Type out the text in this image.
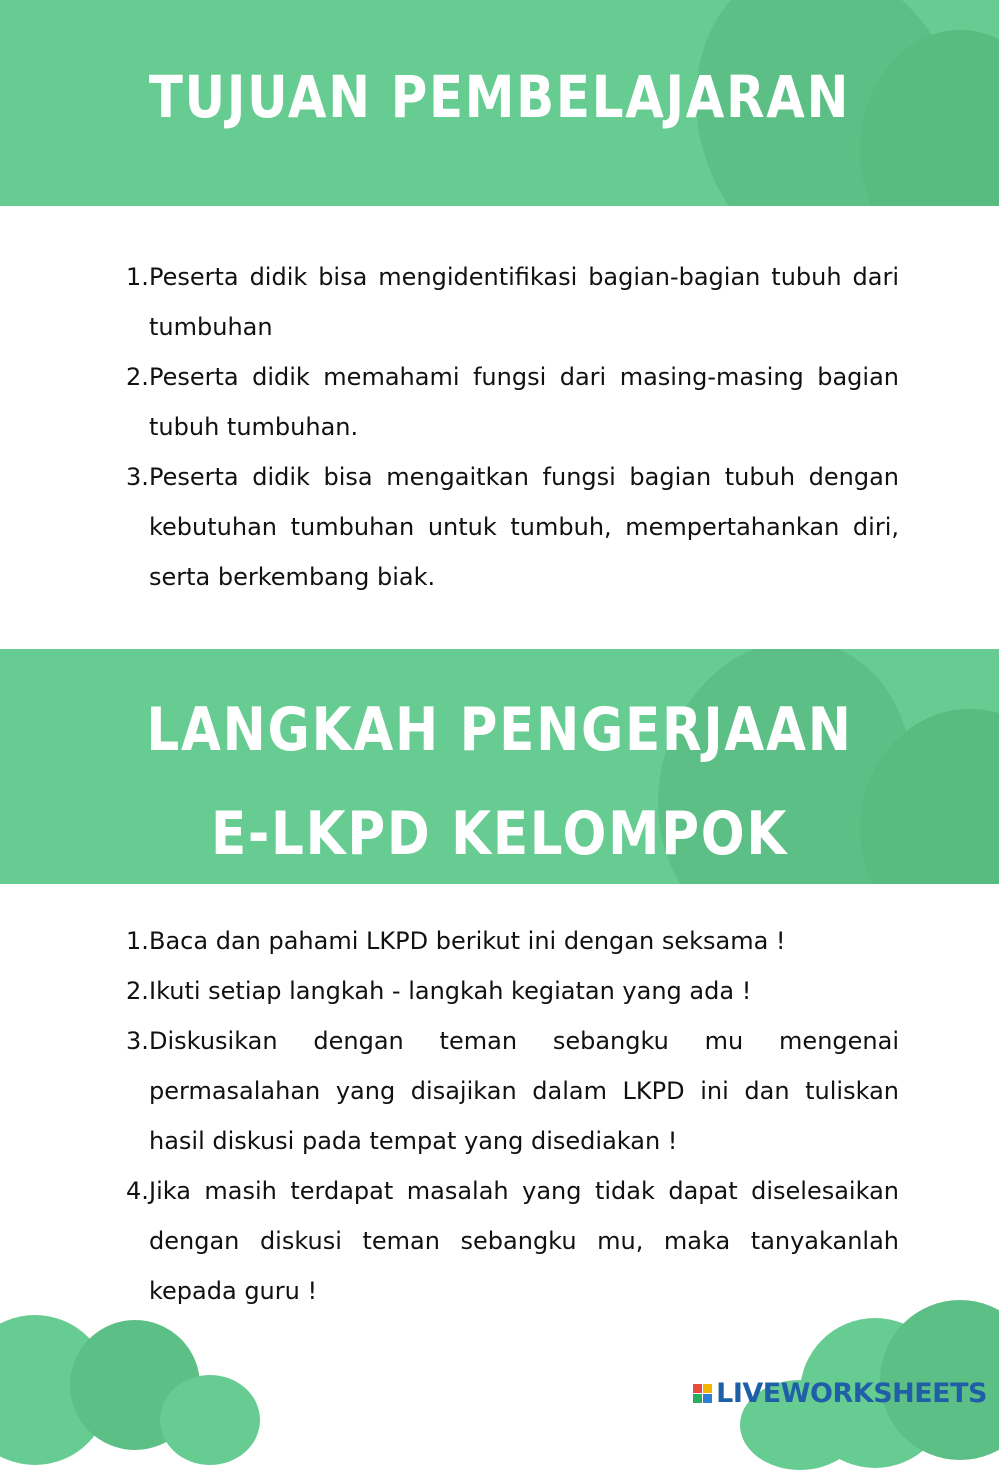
TUJUAN PEMBELAJARAN
1. Peserta didik bisa mengidentifikasi bagian-bagian tubuh dari tumbuhan
2. Peserta didik memahami fungsi dari masing-masing bagian tubuh tumbuhan.
3. Peserta didik bisa mengaitkan fungsi bagian tubuh dengan kebutuhan tumbuhan untuk tumbuh, mempertahankan diri, serta berkembang biak.
LANGKAH PENGERJAAN
E-LKPD KELOMPOK
1. Baca dan pahami LKPD berikut ini dengan seksama !
2. Ikuti setiap langkah - langkah kegiatan yang ada !
3. Diskusikan dengan teman sebangku mu mengenai permasalahan yang disajikan dalam LKPD ini dan tuliskan hasil diskusi pada tempat yang disediakan !
4. Jika masih terdapat masalah yang tidak dapat diselesaikan dengan diskusi teman sebangku mu, maka tanyakanlah kepada guru !
LIVEWORKSHEETS
